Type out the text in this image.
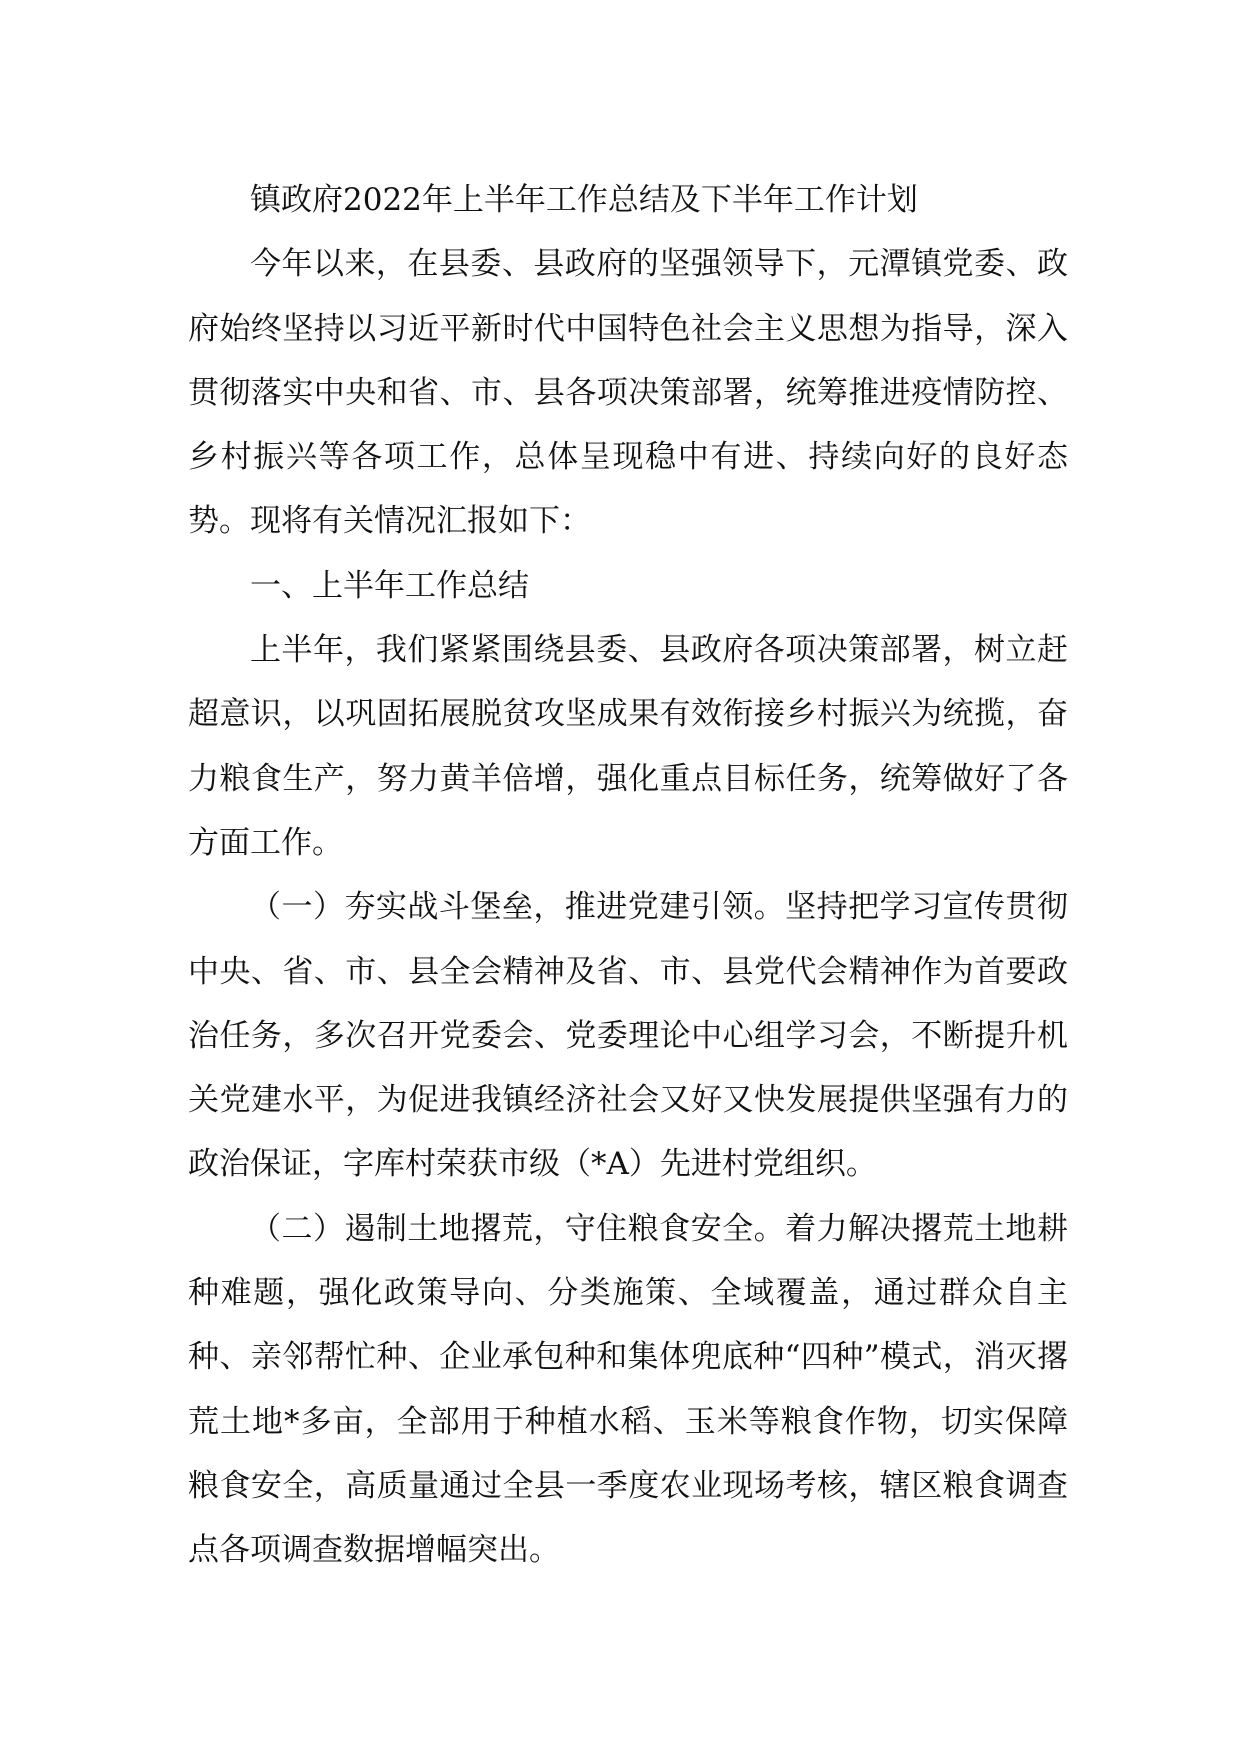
镇政府2022年上半年工作总结及下半年工作计划

今年以来，在县委、县政府的坚强领导下，元潭镇党委、政府始终坚持以习近平新时代中国特色社会主义思想为指导，深入贯彻落实中央和省、市、县各项决策部署，统筹推进疫情防控、乡村振兴等各项工作，总体呈现稳中有进、持续向好的良好态势。现将有关情况汇报如下：

一、上半年工作总结

上半年，我们紧紧围绕县委、县政府各项决策部署，树立赶超意识，以巩固拓展脱贫攻坚成果有效衔接乡村振兴为统揽，奋力粮食生产，努力黄羊倍增，强化重点目标任务，统筹做好了各方面工作。

（一）夯实战斗堡垒，推进党建引领。坚持把学习宣传贯彻中央、省、市、县全会精神及省、市、县党代会精神作为首要政治任务，多次召开党委会、党委理论中心组学习会，不断提升机关党建水平，为促进我镇经济社会又好又快发展提供坚强有力的政治保证，字库村荣获市级（*A）先进村党组织。

（二）遏制土地撂荒，守住粮食安全。着力解决撂荒土地耕种难题，强化政策导向、分类施策、全域覆盖，通过群众自主种、亲邻帮忙种、企业承包种和集体兜底种“四种”模式，消灭撂荒土地*多亩，全部用于种植水稻、玉米等粮食作物，切实保障粮食安全，高质量通过全县一季度农业现场考核，辖区粮食调查点各项调查数据增幅突出。
